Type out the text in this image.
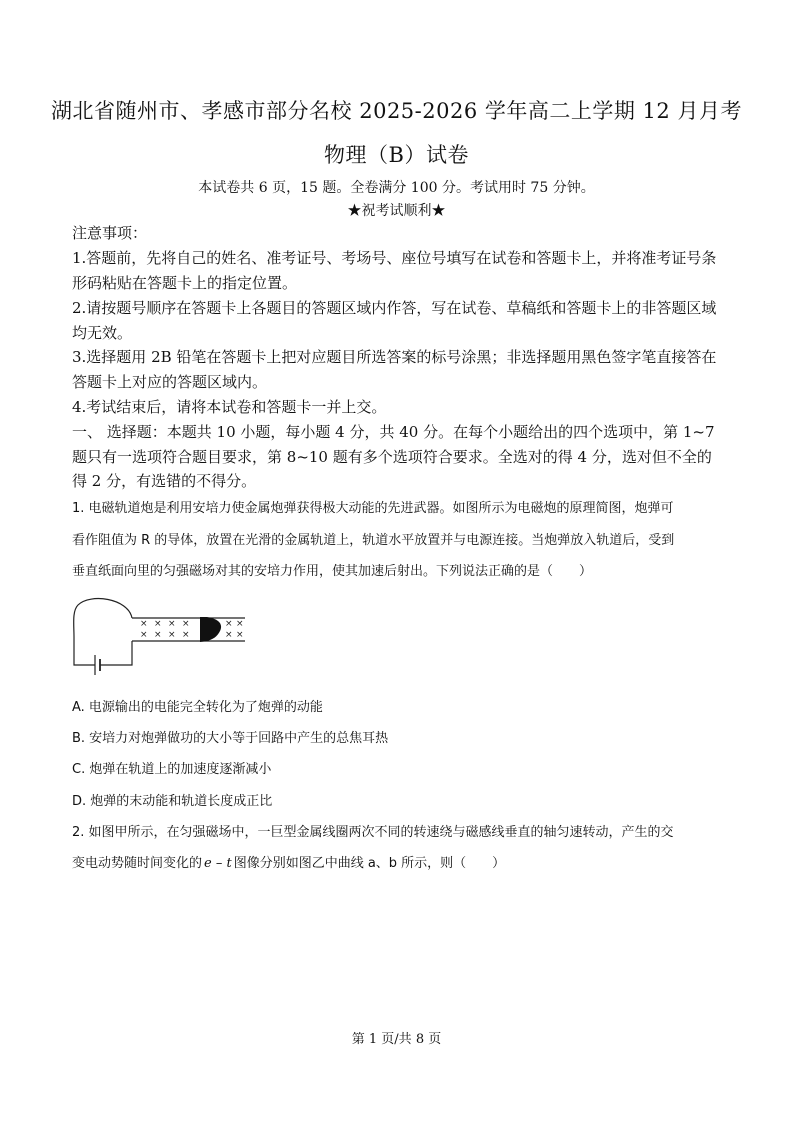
湖北省随州市、孝感市部分名校 2025-2026 学年高二上学期 12 月月考
物理（B）试卷
本试卷共 6 页，15 题。全卷满分 100 分。考试用时 75 分钟。
★祝考试顺利★
注意事项：
1.答题前，先将自己的姓名、准考证号、考场号、座位号填写在试卷和答题卡上，并将准考证号条形码粘贴在答题卡上的指定位置。
2.请按题号顺序在答题卡上各题目的答题区域内作答，写在试卷、草稿纸和答题卡上的非答题区域均无效。
3.选择题用 2B 铅笔在答题卡上把对应题目所选答案的标号涂黑；非选择题用黑色签字笔直接答在答题卡上对应的答题区域内。
4.考试结束后，请将本试卷和答题卡一并上交。
一、 选择题：本题共 10 小题，每小题 4 分，共 40 分。在每个小题给出的四个选项中，第 1~7 题只有一选项符合题目要求，第 8~10 题有多个选项符合要求。全选对的得 4 分，选对但不全的得 2 分，有选错的不得分。
1. 电磁轨道炮是利用安培力使金属炮弹获得极大动能的先进武器。如图所示为电磁炮的原理简图，炮弹可
看作阻值为 R 的导体，放置在光滑的金属轨道上，轨道水平放置并与电源连接。当炮弹放入轨道后，受到
垂直纸面向里的匀强磁场对其的安培力作用，使其加速后射出。下列说法正确的是（　　）
× × × ×	× ×
× × × ×	× ×
A. 电源输出的电能完全转化为了炮弹的动能
B. 安培力对炮弹做功的大小等于回路中产生的总焦耳热
C. 炮弹在轨道上的加速度逐渐减小
D. 炮弹的末动能和轨道长度成正比
2. 如图甲所示，在匀强磁场中，一巨型金属线圈两次不同的转速绕与磁感线垂直的轴匀速转动，产生的交
变电动势随时间变化的 e – t 图像分别如图乙中曲线 a、b 所示，则（　　）
第 1 页/共 8 页
